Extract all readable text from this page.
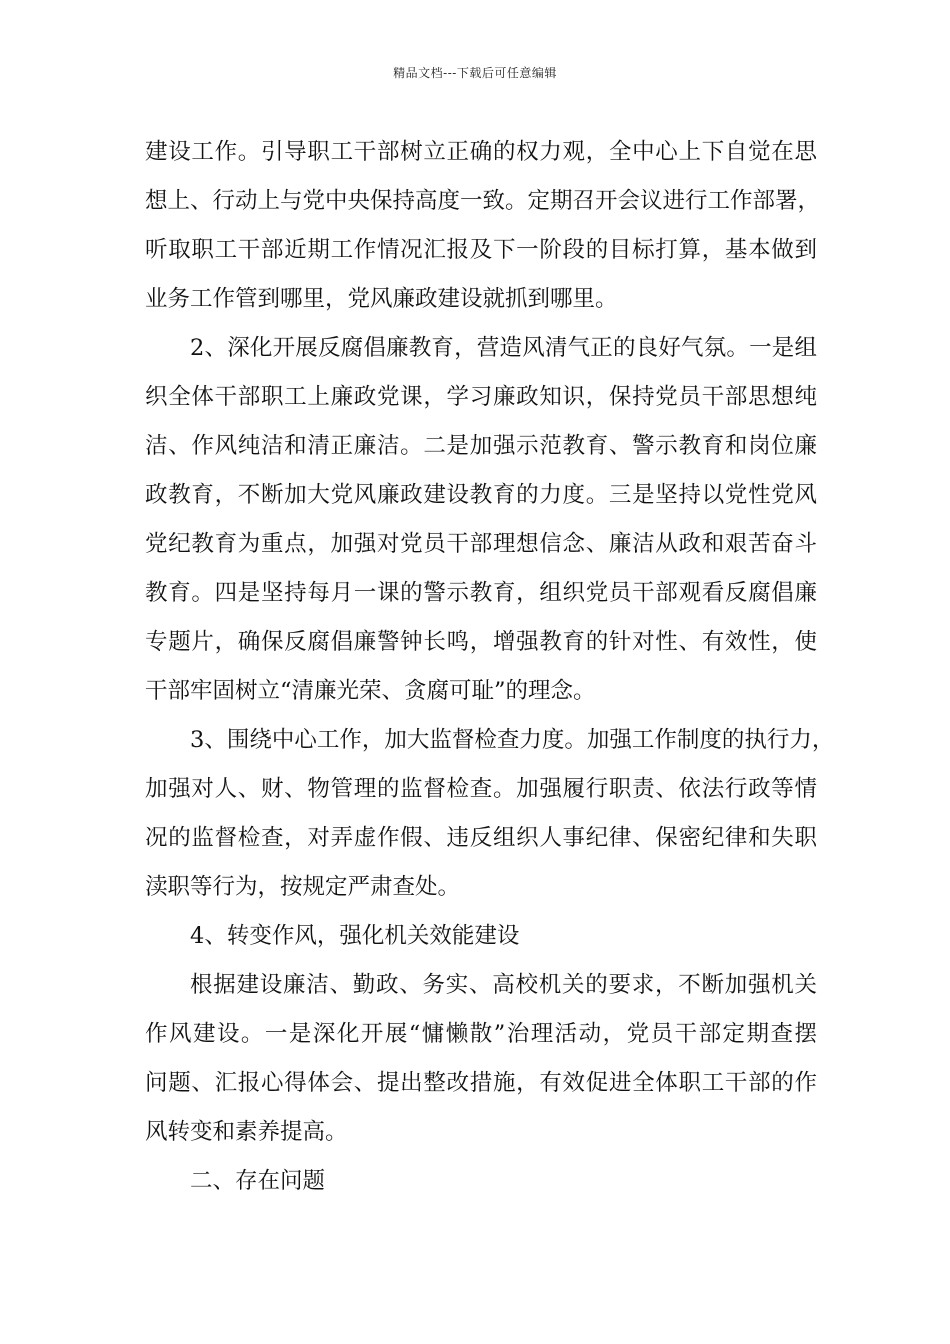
精品文档---下载后可任意编辑
建设工作。引导职工干部树立正确的权力观，全中心上下自觉在思
想上、行动上与党中央保持高度一致。定期召开会议进行工作部署，
听取职工干部近期工作情况汇报及下一阶段的目标打算，基本做到
业务工作管到哪里，党风廉政建设就抓到哪里。
2、深化开展反腐倡廉教育，营造风清气正的良好气氛。一是组
织全体干部职工上廉政党课，学习廉政知识，保持党员干部思想纯
洁、作风纯洁和清正廉洁。二是加强示范教育、警示教育和岗位廉
政教育，不断加大党风廉政建设教育的力度。三是坚持以党性党风
党纪教育为重点，加强对党员干部理想信念、廉洁从政和艰苦奋斗
教育。四是坚持每月一课的警示教育，组织党员干部观看反腐倡廉
专题片，确保反腐倡廉警钟长鸣，增强教育的针对性、有效性，使
干部牢固树立“清廉光荣、贪腐可耻”的理念。
3、围绕中心工作，加大监督检查力度。加强工作制度的执行力，
加强对人、财、物管理的监督检查。加强履行职责、依法行政等情
况的监督检查，对弄虚作假、违反组织人事纪律、保密纪律和失职
渎职等行为，按规定严肃查处。
4、转变作风，强化机关效能建设
根据建设廉洁、勤政、务实、高校机关的要求，不断加强机关
作风建设。一是深化开展“慵懒散”治理活动，党员干部定期查摆
问题、汇报心得体会、提出整改措施，有效促进全体职工干部的作
风转变和素养提高。
二、存在问题
